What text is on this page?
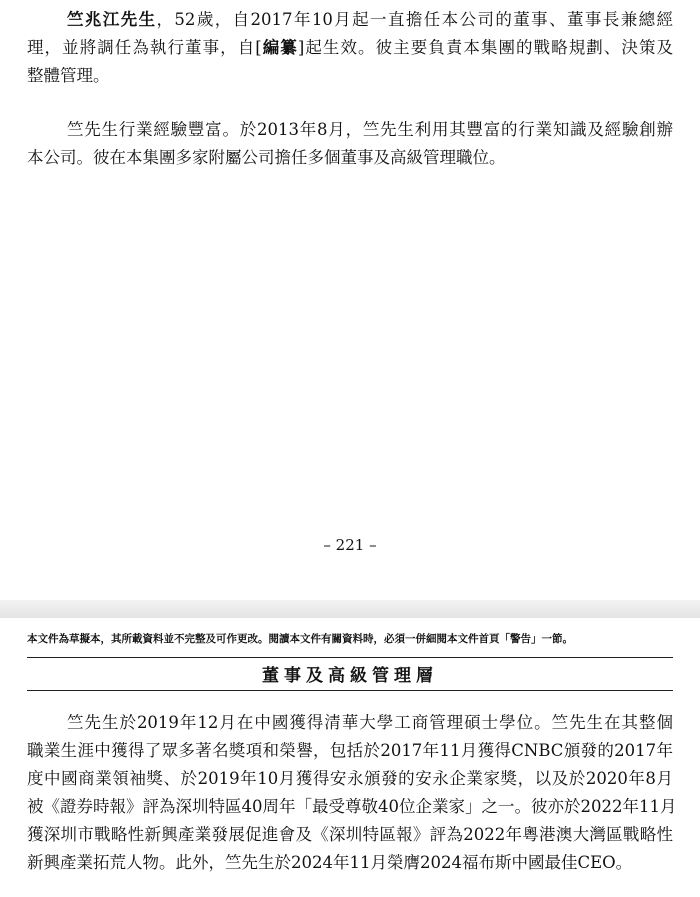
竺兆江先生，52歲，自2017年10月起一直擔任本公司的董事、董事長兼總經
理，並將調任為執行董事，自[編纂]起生效。彼主要負責本集團的戰略規劃、決策及
整體管理。
竺先生行業經驗豐富。於2013年8月，竺先生利用其豐富的行業知識及經驗創辦
本公司。彼在本集團多家附屬公司擔任多個董事及高級管理職位。
– 221 –
本文件為草擬本，其所載資料並不完整及可作更改。閱讀本文件有關資料時，必須一併細閱本文件首頁「警告」一節。
董事及高級管理層
竺先生於2019年12月在中國獲得清華大學工商管理碩士學位。竺先生在其整個
職業生涯中獲得了眾多著名獎項和榮譽，包括於2017年11月獲得CNBC頒發的2017年
度中國商業領袖獎、於2019年10月獲得安永頒發的安永企業家獎，以及於2020年8月
被《證券時報》評為深圳特區40周年「最受尊敬40位企業家」之一。彼亦於2022年11月
獲深圳市戰略性新興產業發展促進會及《深圳特區報》評為2022年粵港澳大灣區戰略性
新興產業拓荒人物。此外，竺先生於2024年11月榮膺2024福布斯中國最佳CEO。
